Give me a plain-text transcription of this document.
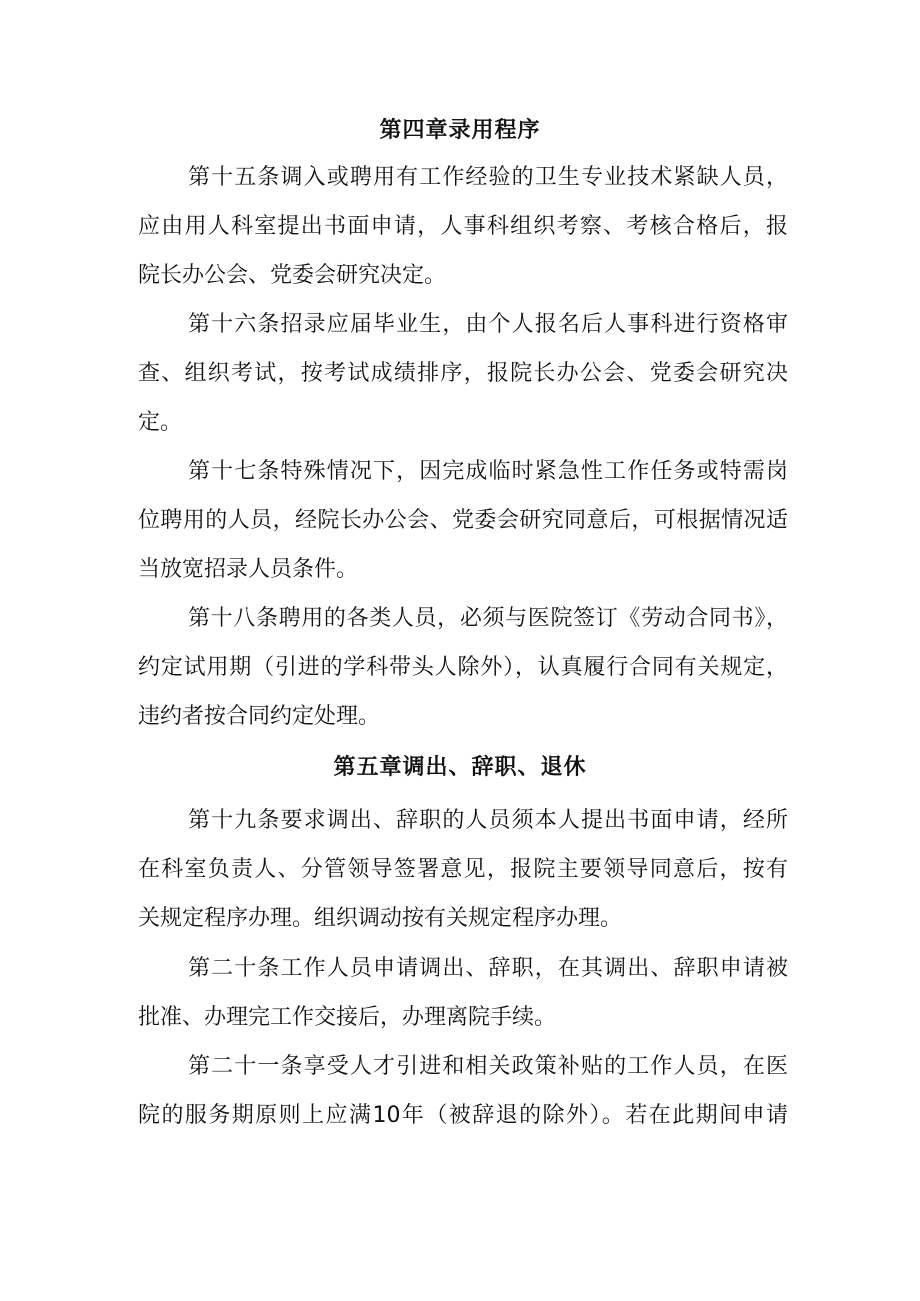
第四章录用程序
第十五条调入或聘用有工作经验的卫生专业技术紧缺人员，
应由用人科室提出书面申请，人事科组织考察、考核合格后，报
院长办公会、党委会研究决定。
第十六条招录应届毕业生，由个人报名后人事科进行资格审
查、组织考试，按考试成绩排序，报院长办公会、党委会研究决
定。
第十七条特殊情况下，因完成临时紧急性工作任务或特需岗
位聘用的人员，经院长办公会、党委会研究同意后，可根据情况适
当放宽招录人员条件。
第十八条聘用的各类人员，必须与医院签订《劳动合同书》，
约定试用期（引进的学科带头人除外），认真履行合同有关规定，
违约者按合同约定处理。
第五章调出、辞职、退休
第十九条要求调出、辞职的人员须本人提出书面申请，经所
在科室负责人、分管领导签署意见，报院主要领导同意后，按有
关规定程序办理。组织调动按有关规定程序办理。
第二十条工作人员申请调出、辞职，在其调出、辞职申请被
批准、办理完工作交接后，办理离院手续。
第二十一条享受人才引进和相关政策补贴的工作人员，在医
院的服务期原则上应满10年（被辞退的除外）。若在此期间申请
